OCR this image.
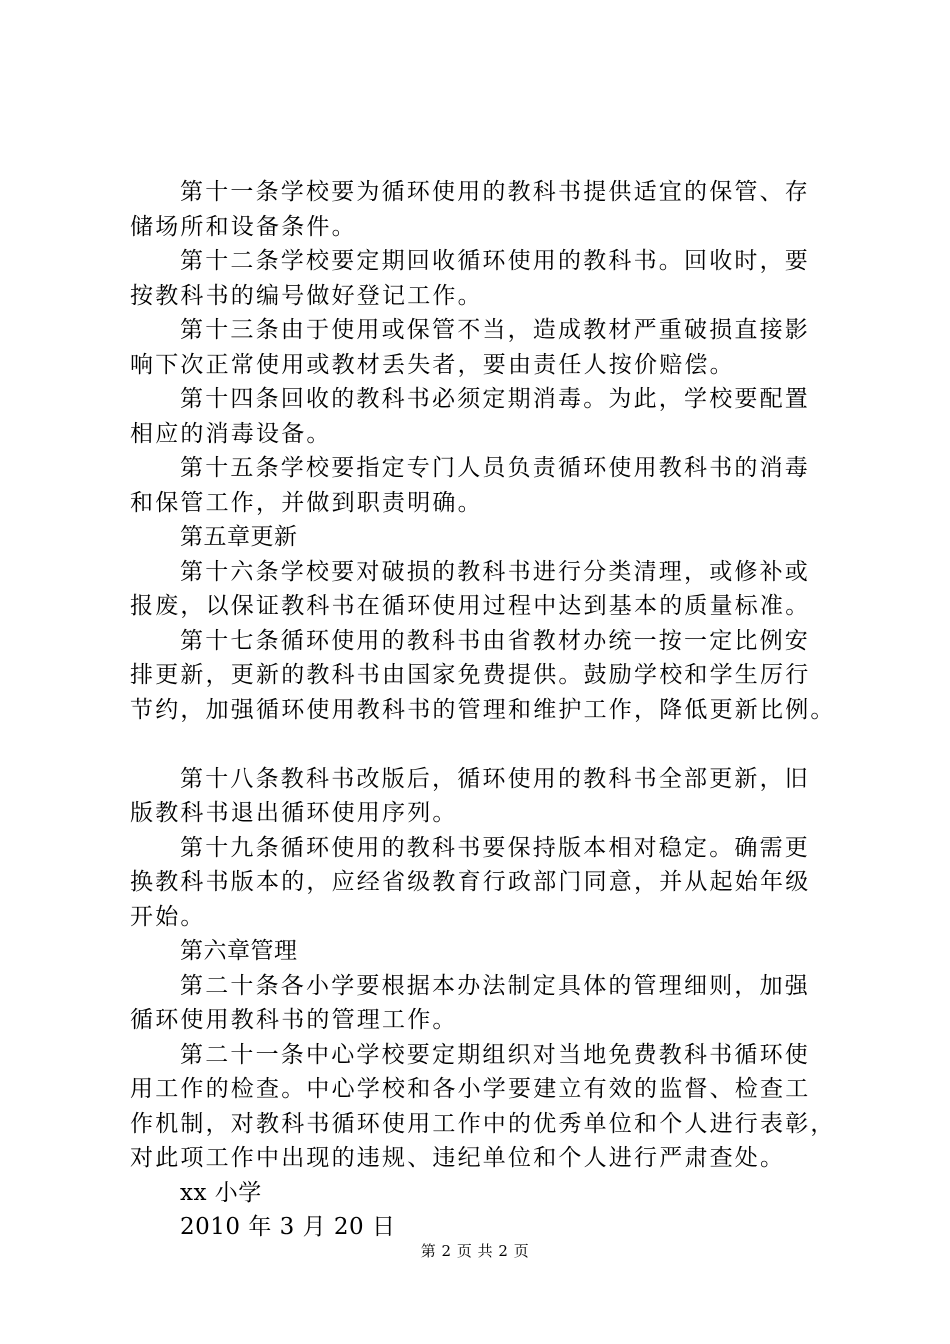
第十一条学校要为循环使用的教科书提供适宜的保管、存
储场所和设备条件。
第十二条学校要定期回收循环使用的教科书。回收时，要
按教科书的编号做好登记工作。
第十三条由于使用或保管不当，造成教材严重破损直接影
响下次正常使用或教材丢失者，要由责任人按价赔偿。
第十四条回收的教科书必须定期消毒。为此，学校要配置
相应的消毒设备。
第十五条学校要指定专门人员负责循环使用教科书的消毒
和保管工作，并做到职责明确。
第五章更新
第十六条学校要对破损的教科书进行分类清理，或修补或
报废，以保证教科书在循环使用过程中达到基本的质量标准。
第十七条循环使用的教科书由省教材办统一按一定比例安
排更新，更新的教科书由国家免费提供。鼓励学校和学生厉行
节约，加强循环使用教科书的管理和维护工作，降低更新比例。
第十八条教科书改版后，循环使用的教科书全部更新，旧
版教科书退出循环使用序列。
第十九条循环使用的教科书要保持版本相对稳定。确需更
换教科书版本的，应经省级教育行政部门同意，并从起始年级
开始。
第六章管理
第二十条各小学要根据本办法制定具体的管理细则，加强
循环使用教科书的管理工作。
第二十一条中心学校要定期组织对当地免费教科书循环使
用工作的检查。中心学校和各小学要建立有效的监督、检查工
作机制，对教科书循环使用工作中的优秀单位和个人进行表彰，
对此项工作中出现的违规、违纪单位和个人进行严肃查处。
xx 小学
2010 年 3 月 20 日
第 2 页 共 2 页
